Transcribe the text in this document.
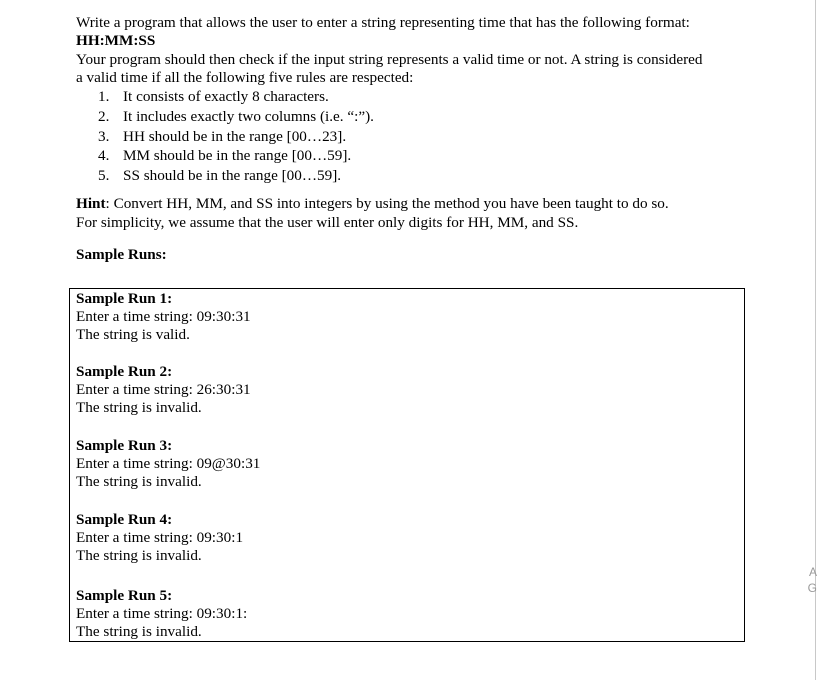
Write a program that allows the user to enter a string representing time that has the following format:

HH:MM:SS

Your program should then check if the input string represents a valid time or not. A string is considered

a valid time if all the following five rules are respected:

1. It consists of exactly 8 characters.
2. It includes exactly two columns (i.e. “:”).
3. HH should be in the range [00…23].
4. MM should be in the range [00…59].
5. SS should be in the range [00…59].

Hint: Convert HH, MM, and SS into integers by using the method you have been taught to do so.

For simplicity, we assume that the user will enter only digits for HH, MM, and SS.

Sample Runs:

Sample Run 1:
Enter a time string: 09:30:31
The string is valid.
Sample Run 2:
Enter a time string: 26:30:31
The string is invalid.
Sample Run 3:
Enter a time string: 09@30:31
The string is invalid.
Sample Run 4:
Enter a time string: 09:30:1
The string is invalid.
Sample Run 5:
Enter a time string: 09:30:1:
The string is invalid.
A
G
